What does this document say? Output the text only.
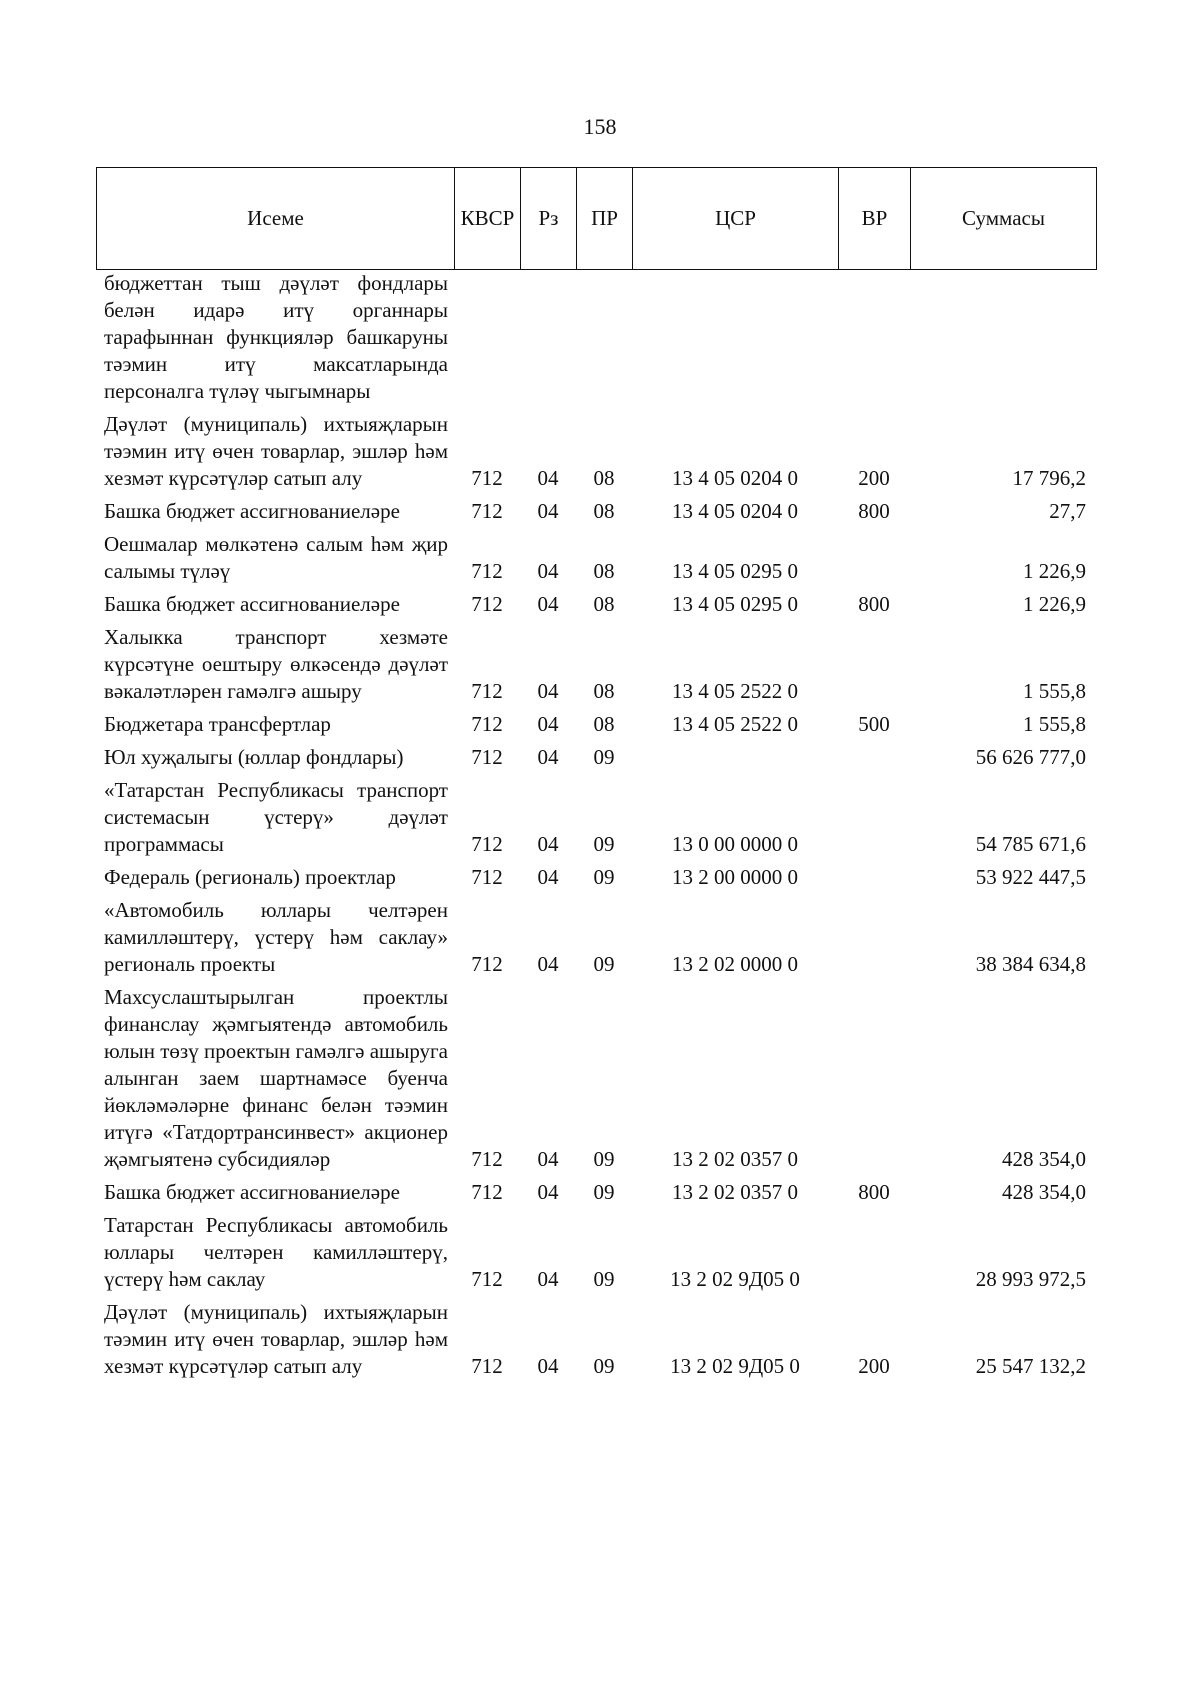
158
Исеме	КВСР	Рз	ПР	ЦСР	ВР	Суммасы
бюджеттан тыш дәүләт фондлары белән идарә итү органнары тарафыннан функцияләр башкаруны тәэмин итү максатларында персоналга түләү чыгымнары						
Дәүләт (муниципаль) ихтыяҗларын тәэмин итү өчен товарлар, эшләр һәм хезмәт күрсәтүләр сатып алу	712	04	08	13 4 05 0204 0	200	17 796,2
Башка бюджет ассигнованиеләре	712	04	08	13 4 05 0204 0	800	27,7
Оешмалар мөлкәтенә салым һәм җир салымы түләү	712	04	08	13 4 05 0295 0		1 226,9
Башка бюджет ассигнованиеләре	712	04	08	13 4 05 0295 0	800	1 226,9
Халыкка транспорт хезмәте күрсәтүне оештыру өлкәсендә дәүләт вәкаләтләрен гамәлгә ашыру	712	04	08	13 4 05 2522 0		1 555,8
Бюджетара трансфертлар	712	04	08	13 4 05 2522 0	500	1 555,8
Юл хуҗалыгы (юллар фондлары)	712	04	09			56 626 777,0
«Татарстан Республикасы транспорт системасын үстерү» дәүләт программасы	712	04	09	13 0 00 0000 0		54 785 671,6
Федераль (региональ) проектлар	712	04	09	13 2 00 0000 0		53 922 447,5
«Автомобиль юллары челтәрен камилләштерү, үстерү һәм саклау» региональ проекты	712	04	09	13 2 02 0000 0		38 384 634,8
Махсуслаштырылган проектлы финанслау җәмгыятендә автомобиль юлын төзү проектын гамәлгә ашыруга алынган заем шартнамәсе буенча йөкләмәләрне финанс белән тәэмин итүгә «Татдортрансинвест» акционер җәмгыятенә субсидияләр	712	04	09	13 2 02 0357 0		428 354,0
Башка бюджет ассигнованиеләре	712	04	09	13 2 02 0357 0	800	428 354,0
Татарстан Республикасы автомобиль юллары челтәрен камилләштерү, үстерү һәм саклау	712	04	09	13 2 02 9Д05 0		28 993 972,5
Дәүләт (муниципаль) ихтыяҗларын тәэмин итү өчен товарлар, эшләр һәм хезмәт күрсәтүләр сатып алу	712	04	09	13 2 02 9Д05 0	200	25 547 132,2
